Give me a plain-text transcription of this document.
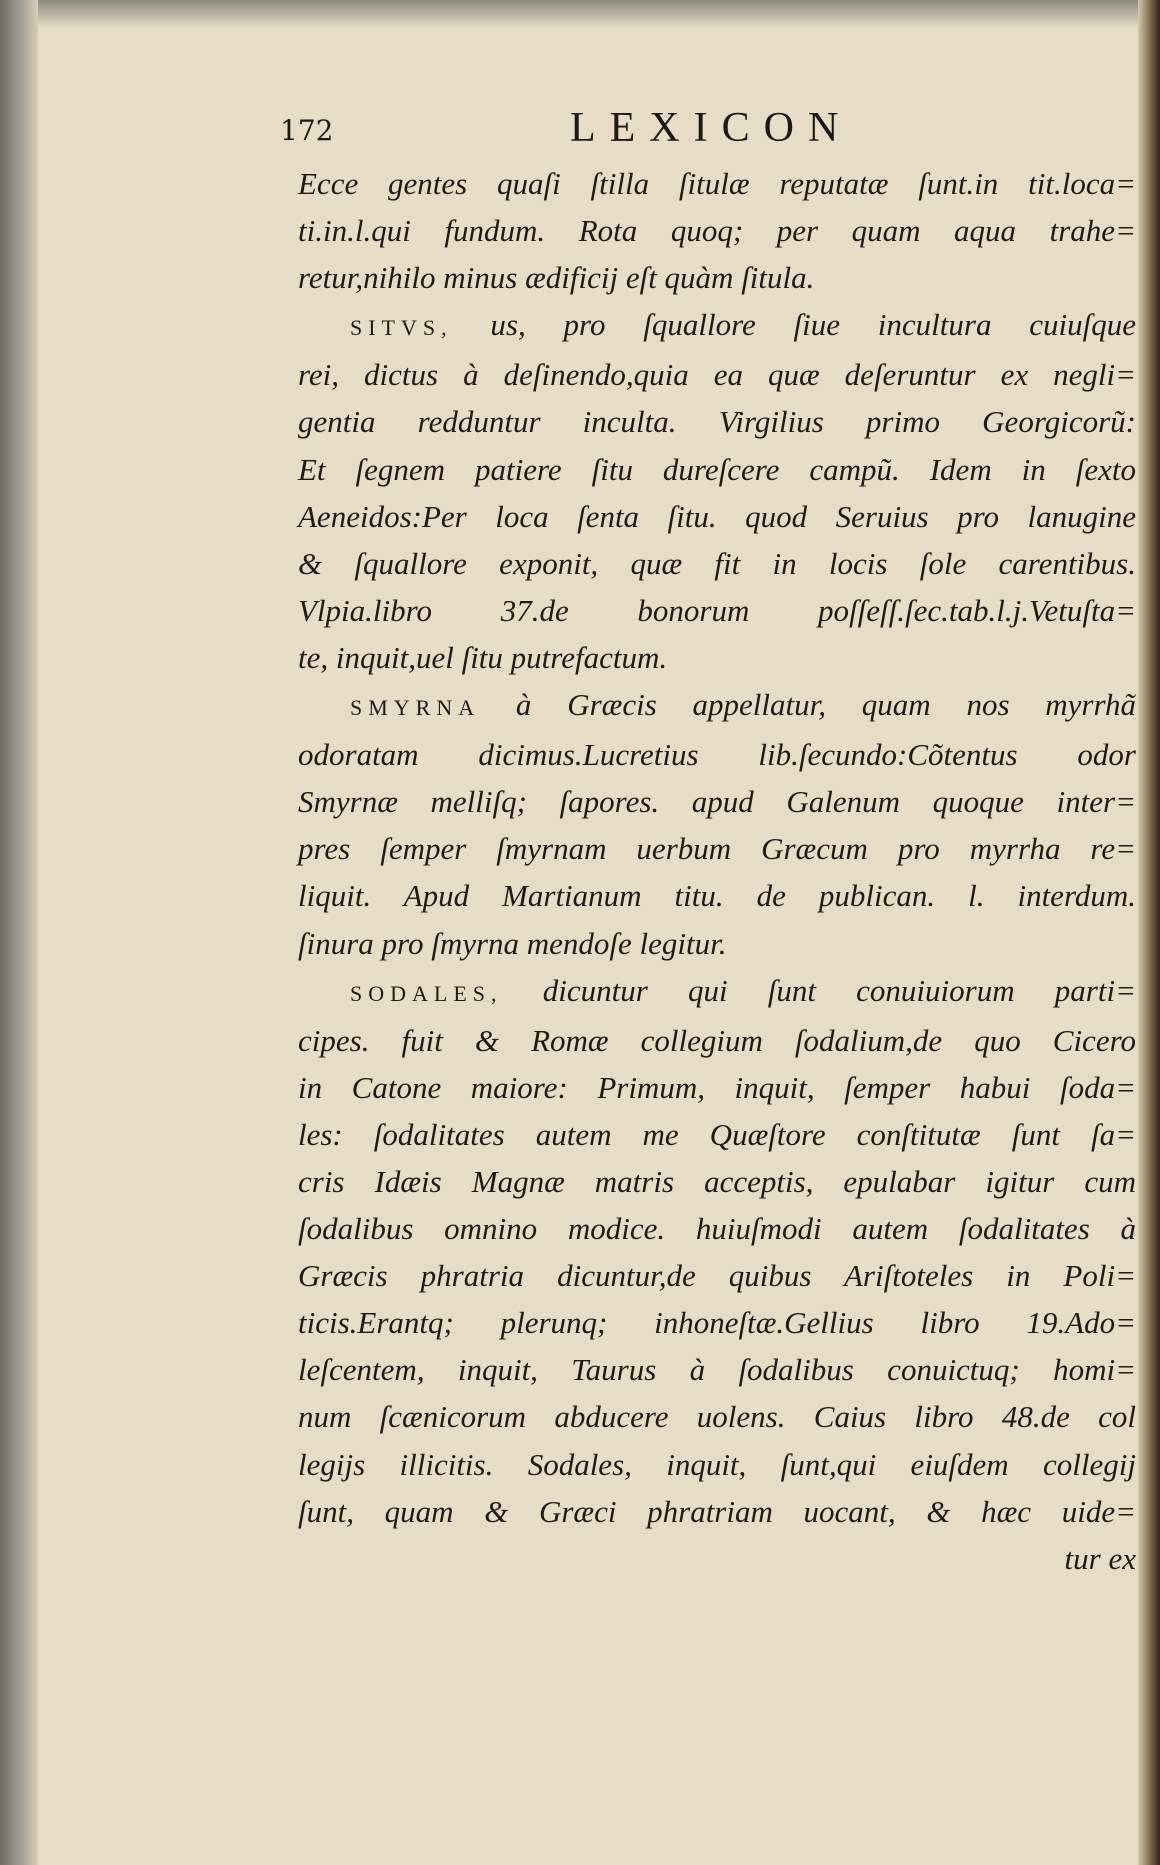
172	LEXICON
Ecce gentes quaſi ſtilla ſitulæ reputatæ ſunt.in tit.loca=
ti.in.l.qui fundum. Rota quoq; per quam aqua trahe=
retur,nihilo minus ædificij eſt quàm ſitula.
SITVS, us, pro ſquallore ſiue incultura cuiuſque
rei, dictus à deſinendo,quia ea quæ deſeruntur ex negli=
gentia redduntur inculta. Virgilius primo Georgicorũ:
Et ſegnem patiere ſitu dureſcere campũ. Idem in ſexto
Aeneidos:Per loca ſenta ſitu. quod Seruius pro lanugine
& ſquallore exponit, quæ fit in locis ſole carentibus.
Vlpia.libro 37.de bonorum poſſeſſ.ſec.tab.l.j.Vetuſta=
te, inquit,uel ſitu putrefactum.
SMYRNA à Græcis appellatur, quam nos myrrhã
odoratam dicimus.Lucretius lib.ſecundo:Cõtentus odor
Smyrnæ melliſq; ſapores. apud Galenum quoque inter=
pres ſemper ſmyrnam uerbum Græcum pro myrrha re=
liquit. Apud Martianum titu. de publican. l. interdum.
ſinura pro ſmyrna mendoſe legitur.
SODALES, dicuntur qui ſunt conuiuiorum parti=
cipes. fuit & Romæ collegium ſodalium,de quo Cicero
in Catone maiore: Primum, inquit, ſemper habui ſoda=
les: ſodalitates autem me Quæſtore conſtitutæ ſunt ſa=
cris Idæis Magnæ matris acceptis, epulabar igitur cum
ſodalibus omnino modice. huiuſmodi autem ſodalitates à
Græcis phratria dicuntur,de quibus Ariſtoteles in Poli=
ticis.Erantq; plerunq; inhoneſtæ.Gellius libro 19.Ado=
leſcentem, inquit, Taurus à ſodalibus conuictuq; homi=
num ſcænicorum abducere uolens. Caius libro 48.de col
legijs illicitis. Sodales, inquit, ſunt,qui eiuſdem collegij
ſunt, quam & Græci phratriam uocant, & hæc uide=
tur ex
